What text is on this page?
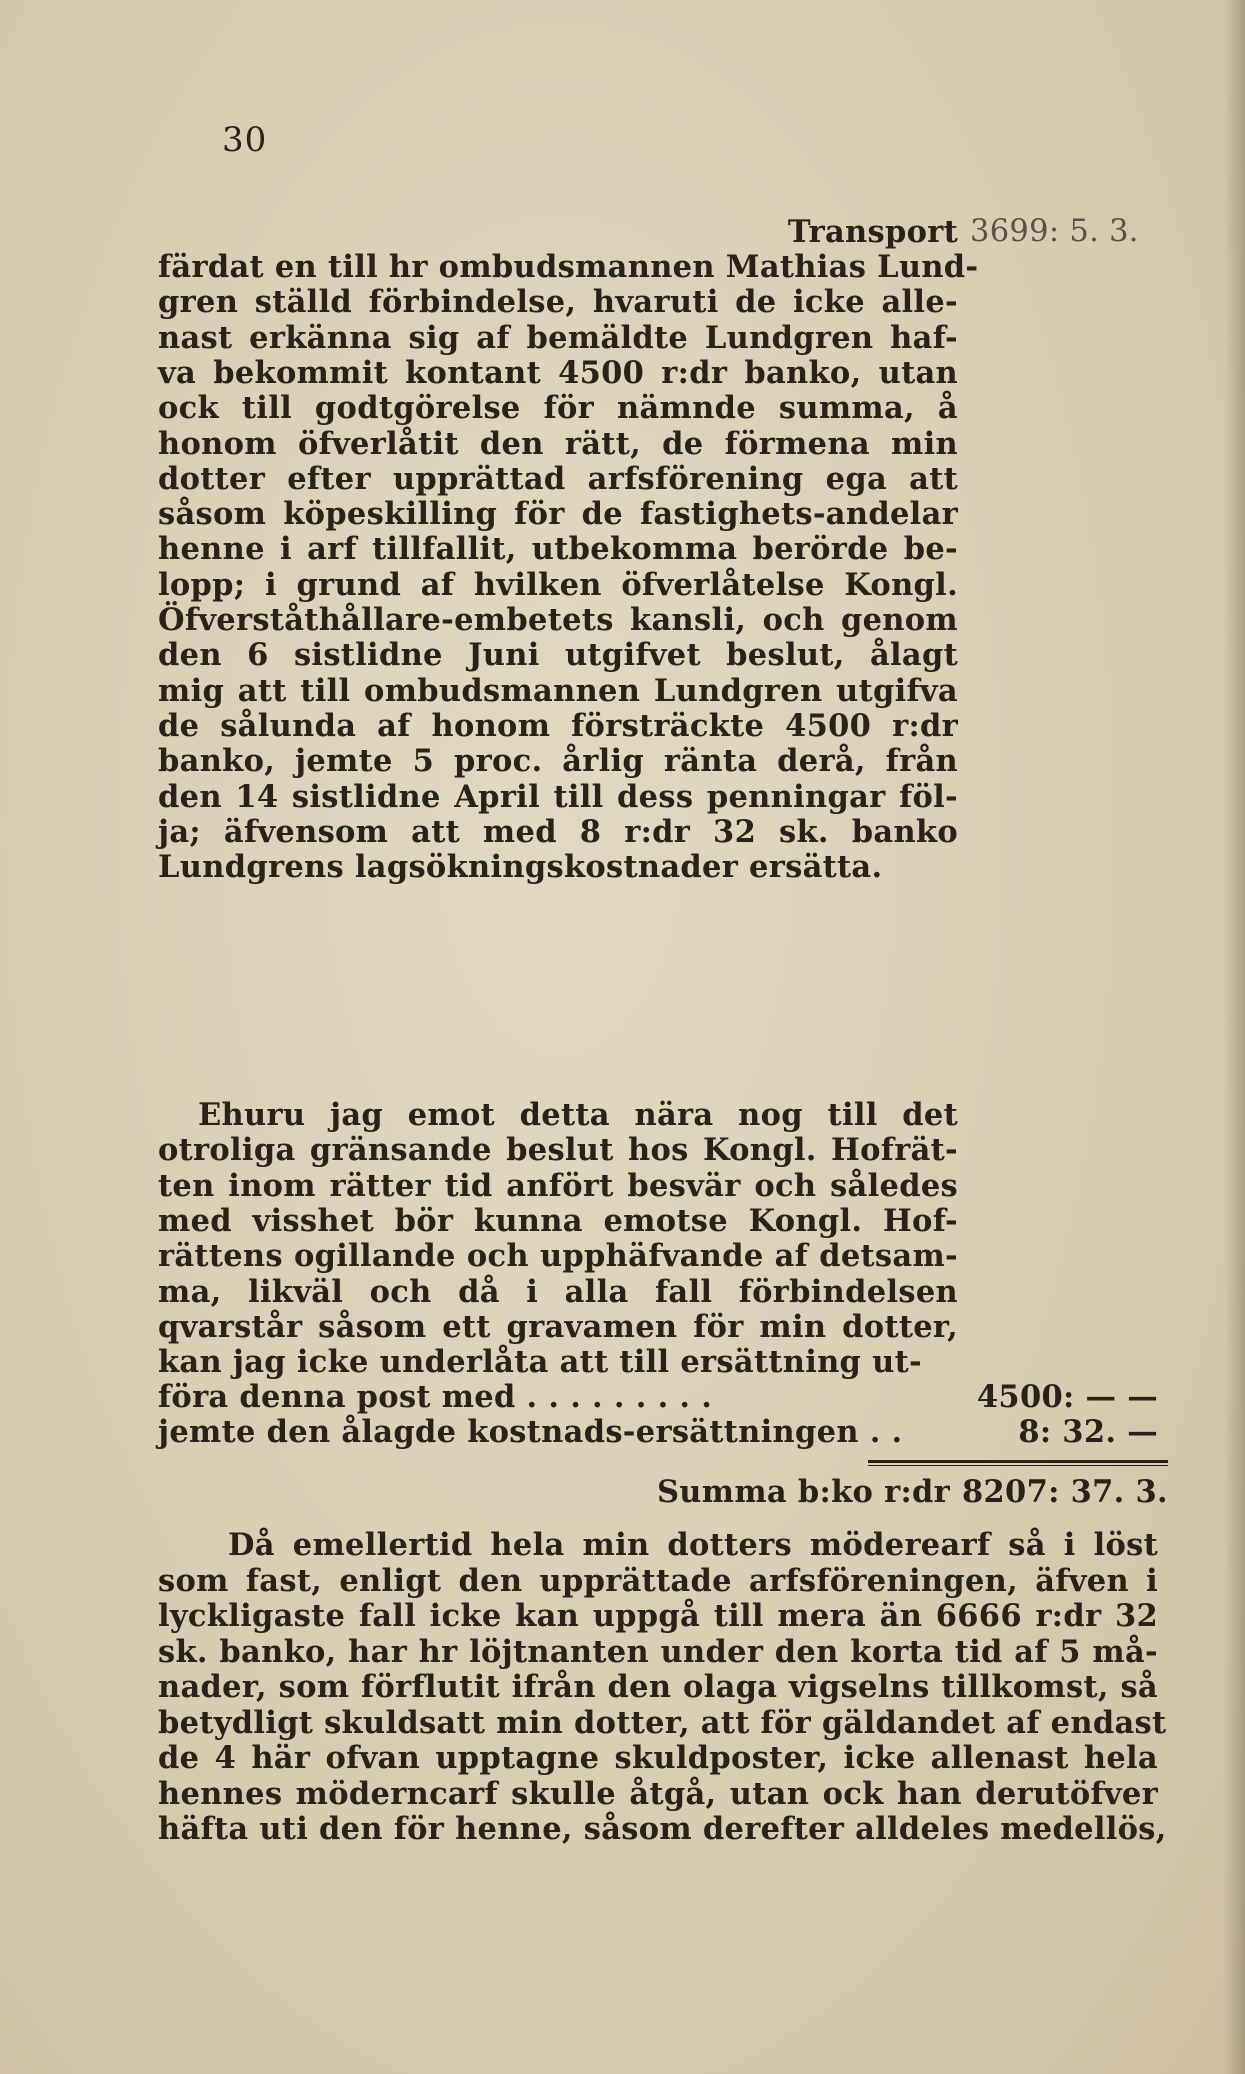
30
Transport 3699: 5. 3.
färdat en till hr ombudsmannen Mathias Lund-
gren ställd förbindelse, hvaruti de icke alle-
nast erkänna sig af bemäldte Lundgren haf-
va bekommit kontant 4500 r:dr banko, utan
ock till godtgörelse för nämnde summa, å
honom öfverlåtit den rätt, de förmena min
dotter efter upprättad arfsförening ega att
såsom köpeskilling för de fastighets-andelar
henne i arf tillfallit, utbekomma berörde be-
lopp; i grund af hvilken öfverlåtelse Kongl.
Öfverståthållare-embetets kansli, och genom
den 6 sistlidne Juni utgifvet beslut, ålagt
mig att till ombudsmannen Lundgren utgifva
de sålunda af honom försträckte 4500 r:dr
banko, jemte 5 proc. årlig ränta derå, från
den 14 sistlidne April till dess penningar föl-
ja; äfvensom att med 8 r:dr 32 sk. banko
Lundgrens lagsökningskostnader ersätta.
Ehuru jag emot detta nära nog till det
otroliga gränsande beslut hos Kongl. Hofrät-
ten inom rätter tid anfört besvär och således
med visshet bör kunna emotse Kongl. Hof-
rättens ogillande och upphäfvande af detsam-
ma, likväl och då i alla fall förbindelsen
qvarstår såsom ett gravamen för min dotter,
kan jag icke underlåta att till ersättning ut-
föra denna post med . . . . . . . . .	4500: — —
jemte den ålagde kostnads-ersättningen . .	8: 32. —
Summa b:ko r:dr 8207: 37. 3.
Då emellertid hela min dotters möderearf så i löst
som fast, enligt den upprättade arfsföreningen, äfven i
lyckligaste fall icke kan uppgå till mera än 6666 r:dr 32
sk. banko, har hr löjtnanten under den korta tid af 5 må-
nader, som förflutit ifrån den olaga vigselns tillkomst, så
betydligt skuldsatt min dotter, att för gäldandet af endast
de 4 här ofvan upptagne skuldposter, icke allenast hela
hennes möderncarf skulle åtgå, utan ock han derutöfver
häfta uti den för henne, såsom derefter alldeles medellös,
